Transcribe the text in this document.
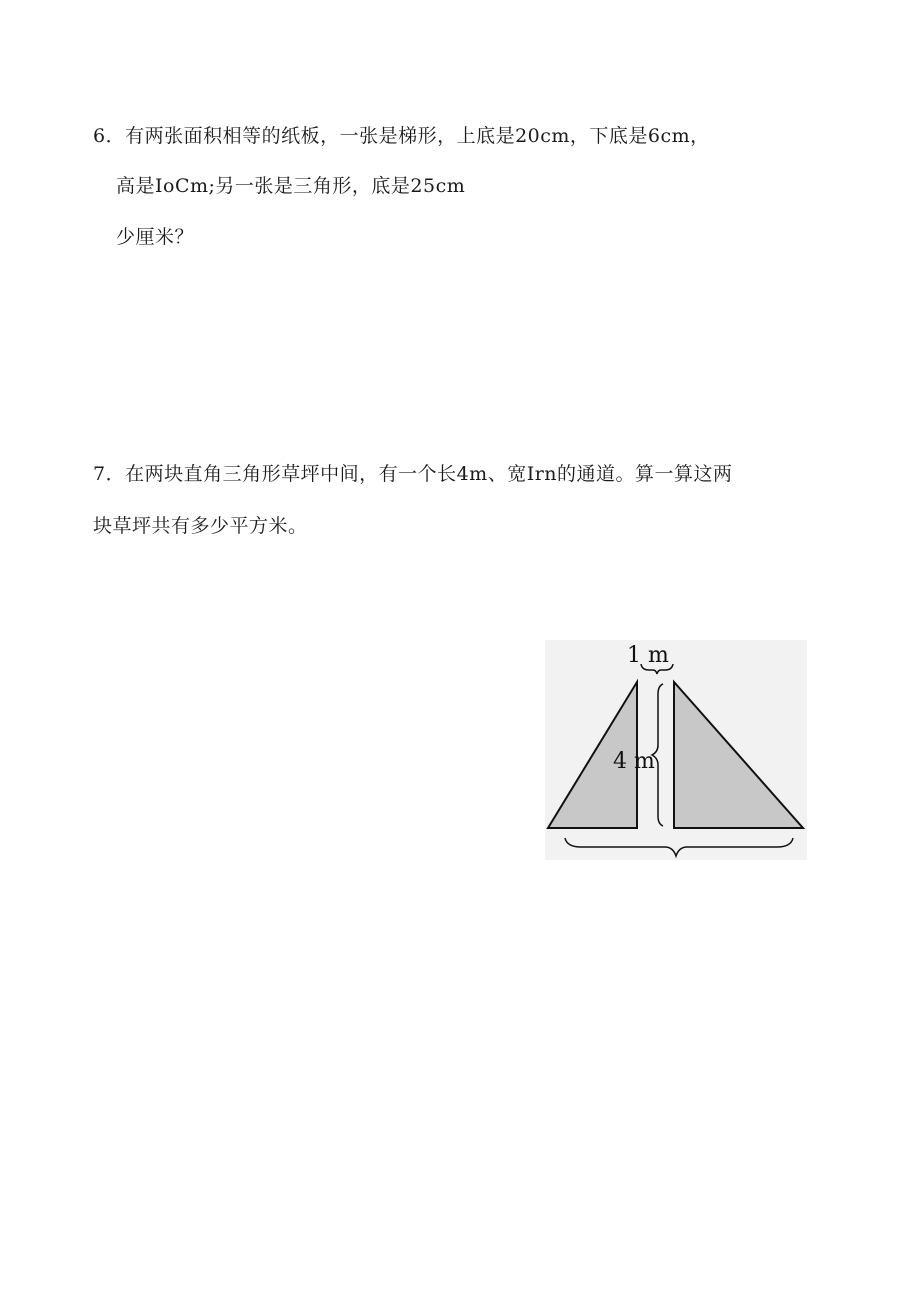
6．有两张面积相等的纸板，一张是梯形，上底是20cm，下底是6cm，
高是IoCm;另一张是三角形，底是25cm
少厘米？
7．在两块直角三角形草坪中间，有一个长4m、宽Irn的通道。算一算这两
块草坪共有多少平方米。
1 m
4 m
